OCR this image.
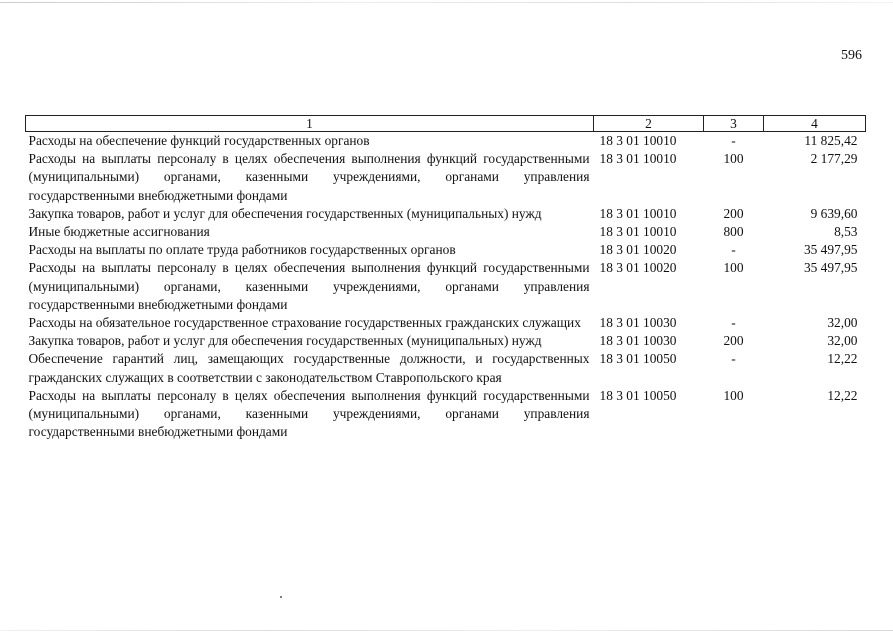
596
1	2	3	4
Расходы на обеспечение функций государственных органов	18 3 01 10010	-	11 825,42
Расходы на выплаты персоналу в целях обеспечения выполнения функций государственными (муниципальными) органами, казенными учреждениями, органами управления государственными внебюджетными фондами	18 3 01 10010	100	2 177,29
Закупка товаров, работ и услуг для обеспечения государственных (муниципальных) нужд	18 3 01 10010	200	9 639,60
Иные бюджетные ассигнования	18 3 01 10010	800	8,53
Расходы на выплаты по оплате труда работников государственных органов	18 3 01 10020	-	35 497,95
Расходы на выплаты персоналу в целях обеспечения выполнения функций государственными (муниципальными) органами, казенными учреждениями, органами управления государственными внебюджетными фондами	18 3 01 10020	100	35 497,95
Расходы на обязательное государственное страхование государственных гражданских служащих	18 3 01 10030	-	32,00
Закупка товаров, работ и услуг для обеспечения государственных (муниципальных) нужд	18 3 01 10030	200	32,00
Обеспечение гарантий лиц, замещающих государственные должности, и государственных гражданских служащих в соответствии с законодательством Ставропольского края	18 3 01 10050	-	12,22
Расходы на выплаты персоналу в целях обеспечения выполнения функций государственными (муниципальными) органами, казенными учреждениями, органами управления государственными внебюджетными фондами	18 3 01 10050	100	12,22
